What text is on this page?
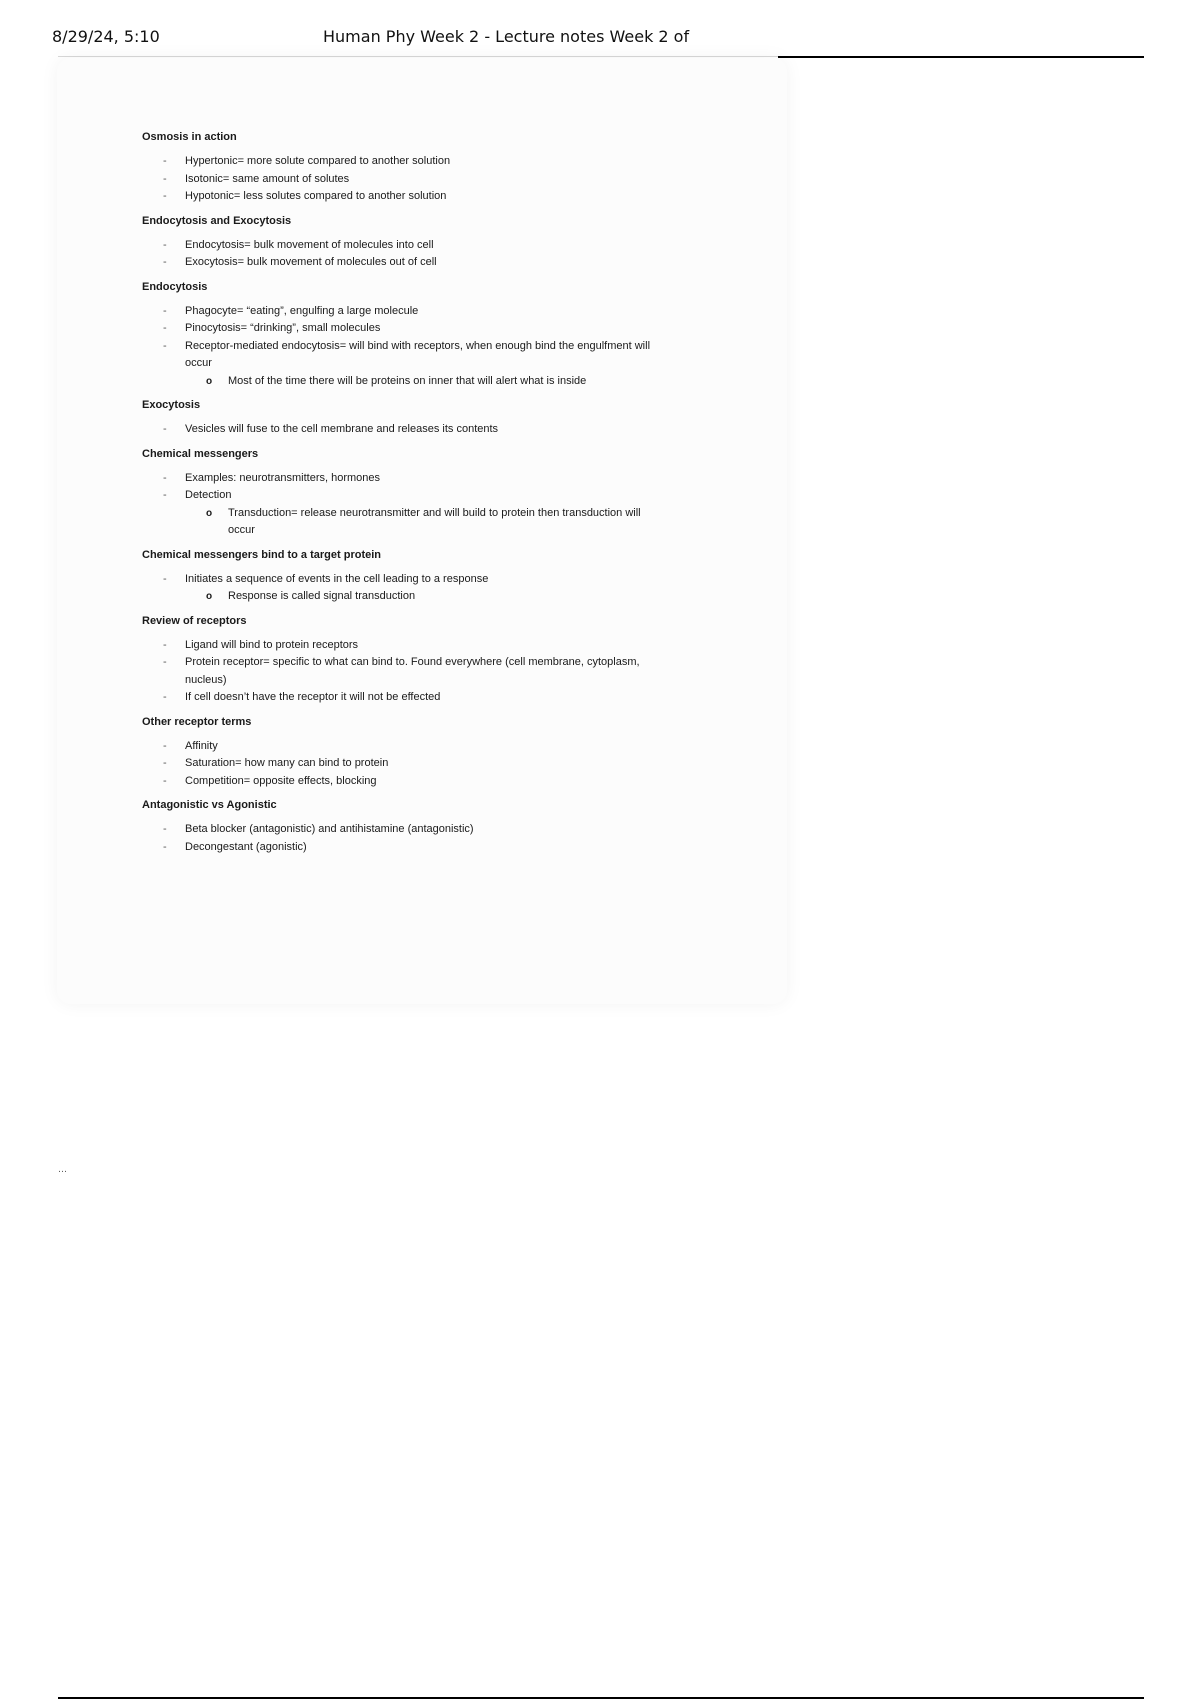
8/29/24, 5:10	Human Phy Week 2 - Lecture notes Week 2 of
Osmosis in action
- Hypertonic= more solute compared to another solution
- Isotonic= same amount of solutes
- Hypotonic= less solutes compared to another solution
Endocytosis and Exocytosis
- Endocytosis= bulk movement of molecules into cell
- Exocytosis= bulk movement of molecules out of cell
Endocytosis
- Phagocyte= “eating”, engulfing a large molecule
- Pinocytosis= “drinking”, small molecules
- Receptor-mediated endocytosis= will bind with receptors, when enough bind the engulfment will occur
o Most of the time there will be proteins on inner that will alert what is inside
Exocytosis
- Vesicles will fuse to the cell membrane and releases its contents
Chemical messengers
- Examples: neurotransmitters, hormones
- Detection
o Transduction= release neurotransmitter and will build to protein then transduction will occur
Chemical messengers bind to a target protein
- Initiates a sequence of events in the cell leading to a response
o Response is called signal transduction
Review of receptors
- Ligand will bind to protein receptors
- Protein receptor= specific to what can bind to. Found everywhere (cell membrane, cytoplasm, nucleus)
- If cell doesn’t have the receptor it will not be effected
Other receptor terms
- Affinity
- Saturation= how many can bind to protein
- Competition= opposite effects, blocking
Antagonistic vs Agonistic
- Beta blocker (antagonistic) and antihistamine (antagonistic)
- Decongestant (agonistic)
…
